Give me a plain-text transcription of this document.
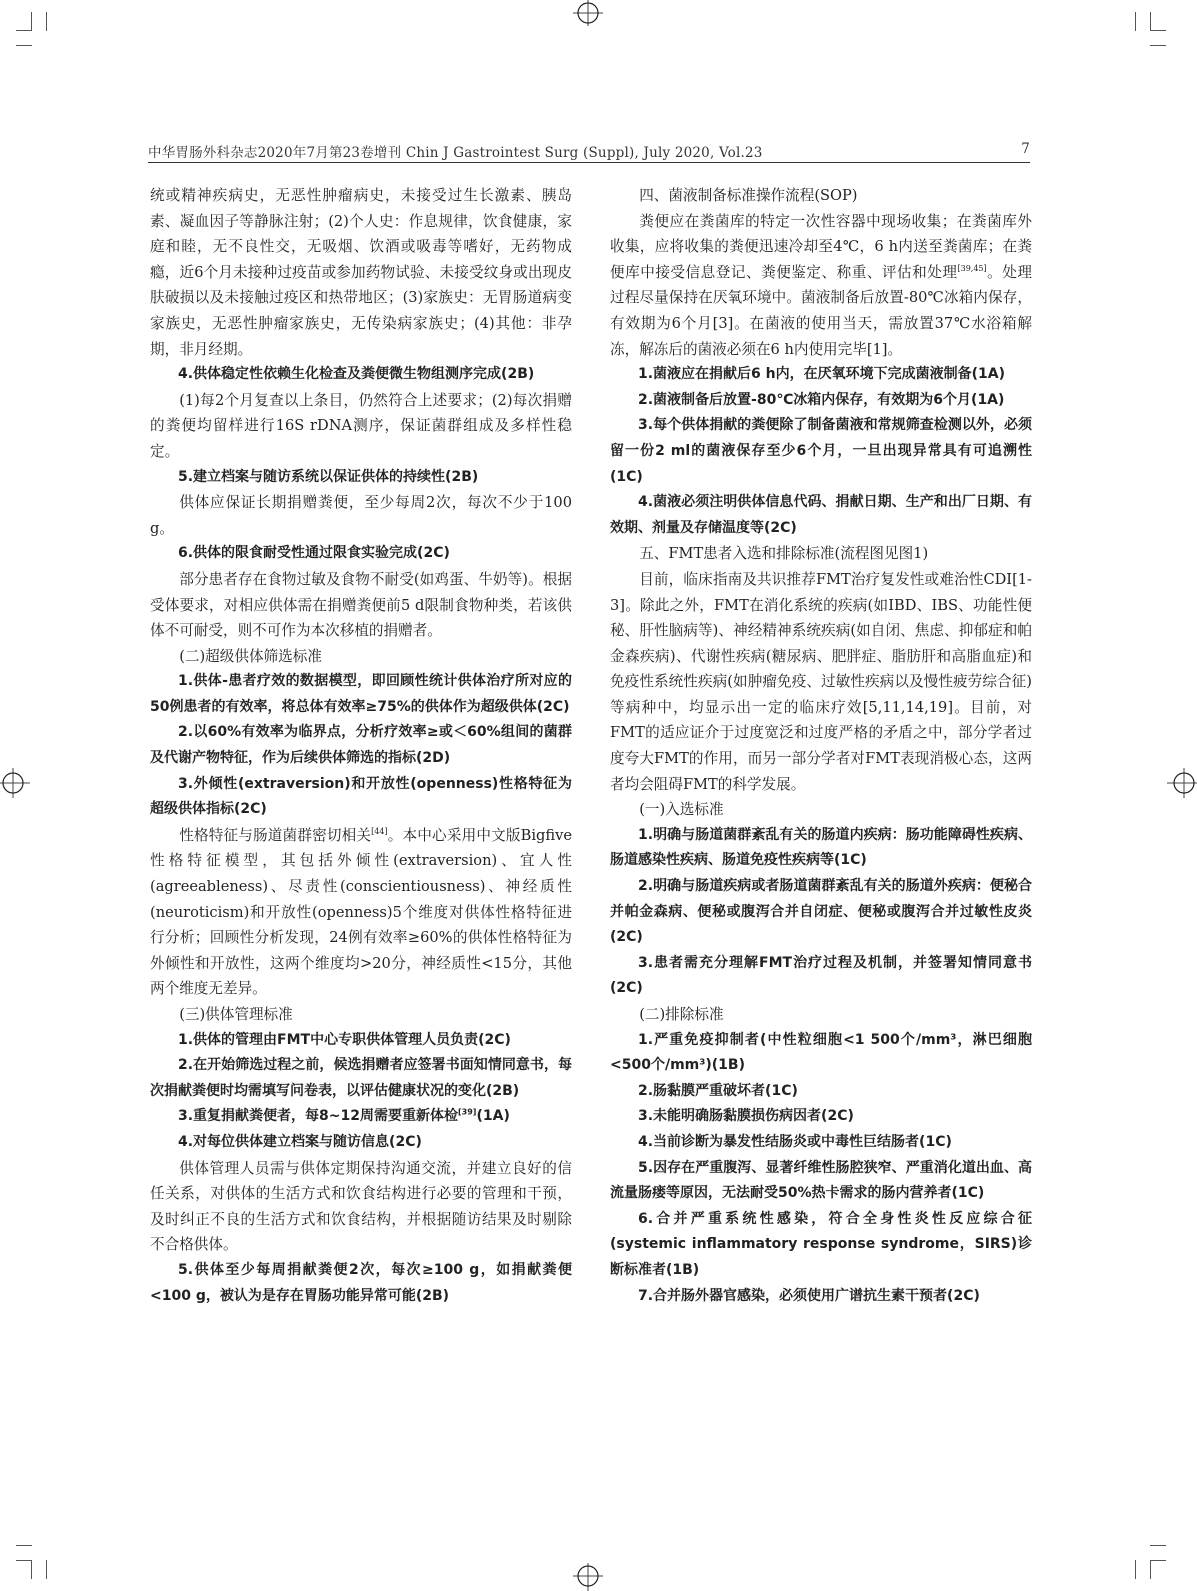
中华胃肠外科杂志2020年7月第23卷增刊 Chin J Gastrointest Surg (Suppl), July 2020, Vol.23	7

统或精神疾病史，无恶性肿瘤病史，未接受过生长激素、胰岛素、凝血因子等静脉注射；(2)个人史：作息规律，饮食健康，家庭和睦，无不良性交，无吸烟、饮酒或吸毒等嗜好，无药物成瘾，近6个月未接种过疫苗或参加药物试验、未接受纹身或出现皮肤破损以及未接触过疫区和热带地区；(3)家族史：无胃肠道病变家族史，无恶性肿瘤家族史，无传染病家族史；(4)其他：非孕期，非月经期。

4.供体稳定性依赖生化检查及粪便微生物组测序完成(2B)

(1)每2个月复查以上条目，仍然符合上述要求；(2)每次捐赠的粪便均留样进行16S rDNA测序，保证菌群组成及多样性稳定。

5.建立档案与随访系统以保证供体的持续性(2B)

供体应保证长期捐赠粪便，至少每周2次，每次不少于100 g。

6.供体的限食耐受性通过限食实验完成(2C)

部分患者存在食物过敏及食物不耐受(如鸡蛋、牛奶等)。根据受体要求，对相应供体需在捐赠粪便前5 d限制食物种类，若该供体不可耐受，则不可作为本次移植的捐赠者。

(二)超级供体筛选标准

1.供体-患者疗效的数据模型，即回顾性统计供体治疗所对应的50例患者的有效率，将总体有效率≥75%的供体作为超级供体(2C)

2.以60%有效率为临界点，分析疗效率≥或＜60%组间的菌群及代谢产物特征，作为后续供体筛选的指标(2D)

3.外倾性(extraversion)和开放性(openness)性格特征为超级供体指标(2C)

性格特征与肠道菌群密切相关[44]。本中心采用中文版Bigfive性格特征模型，其包括外倾性(extraversion)、宜人性(agreeableness)、尽责性(conscientiousness)、神经质性(neuroticism)和开放性(openness)5个维度对供体性格特征进行分析；回顾性分析发现，24例有效率≥60%的供体性格特征为外倾性和开放性，这两个维度均>20分，神经质性<15分，其他两个维度无差异。

(三)供体管理标准

1.供体的管理由FMT中心专职供体管理人员负责(2C)

2.在开始筛选过程之前，候选捐赠者应签署书面知情同意书，每次捐献粪便时均需填写问卷表，以评估健康状况的变化(2B)

3.重复捐献粪便者，每8~12周需要重新体检[39](1A)

4.对每位供体建立档案与随访信息(2C)

供体管理人员需与供体定期保持沟通交流，并建立良好的信任关系，对供体的生活方式和饮食结构进行必要的管理和干预，及时纠正不良的生活方式和饮食结构，并根据随访结果及时剔除不合格供体。

5.供体至少每周捐献粪便2次，每次≥100 g，如捐献粪便<100 g，被认为是存在胃肠功能异常可能(2B)

四、菌液制备标准操作流程(SOP)

粪便应在粪菌库的特定一次性容器中现场收集；在粪菌库外收集，应将收集的粪便迅速冷却至4℃，6 h内送至粪菌库；在粪便库中接受信息登记、粪便鉴定、称重、评估和处理[39,45]。处理过程尽量保持在厌氧环境中。菌液制备后放置-80℃冰箱内保存，有效期为6个月[3]。在菌液的使用当天，需放置37℃水浴箱解冻，解冻后的菌液必须在6 h内使用完毕[1]。

1.菌液应在捐献后6 h内，在厌氧环境下完成菌液制备(1A)

2.菌液制备后放置-80℃冰箱内保存，有效期为6个月(1A)

3.每个供体捐献的粪便除了制备菌液和常规筛查检测以外，必须留一份2 ml的菌液保存至少6个月，一旦出现异常具有可追溯性(1C)

4.菌液必须注明供体信息代码、捐献日期、生产和出厂日期、有效期、剂量及存储温度等(2C)

五、FMT患者入选和排除标准(流程图见图1)

目前，临床指南及共识推荐FMT治疗复发性或难治性CDI[1-3]。除此之外，FMT在消化系统的疾病(如IBD、IBS、功能性便秘、肝性脑病等)、神经精神系统疾病(如自闭、焦虑、抑郁症和帕金森疾病)、代谢性疾病(糖尿病、肥胖症、脂肪肝和高脂血症)和免疫性系统性疾病(如肿瘤免疫、过敏性疾病以及慢性疲劳综合征)等病种中，均显示出一定的临床疗效[5,11,14,19]。目前，对FMT的适应证介于过度宽泛和过度严格的矛盾之中，部分学者过度夸大FMT的作用，而另一部分学者对FMT表现消极心态，这两者均会阻碍FMT的科学发展。

(一)入选标准

1.明确与肠道菌群紊乱有关的肠道内疾病：肠功能障碍性疾病、肠道感染性疾病、肠道免疫性疾病等(1C)

2.明确与肠道疾病或者肠道菌群紊乱有关的肠道外疾病：便秘合并帕金森病、便秘或腹泻合并自闭症、便秘或腹泻合并过敏性皮炎(2C)

3.患者需充分理解FMT治疗过程及机制，并签署知情同意书(2C)

(二)排除标准

1.严重免疫抑制者(中性粒细胞<1 500个/mm³，淋巴细胞<500个/mm³)(1B)

2.肠黏膜严重破坏者(1C)

3.未能明确肠黏膜损伤病因者(2C)

4.当前诊断为暴发性结肠炎或中毒性巨结肠者(1C)

5.因存在严重腹泻、显著纤维性肠腔狭窄、严重消化道出血、高流量肠瘘等原因，无法耐受50%热卡需求的肠内营养者(1C)

6.合并严重系统性感染，符合全身性炎性反应综合征(systemic inflammatory response syndrome，SIRS)诊断标准者(1B)

7.合并肠外器官感染，必须使用广谱抗生素干预者(2C)
